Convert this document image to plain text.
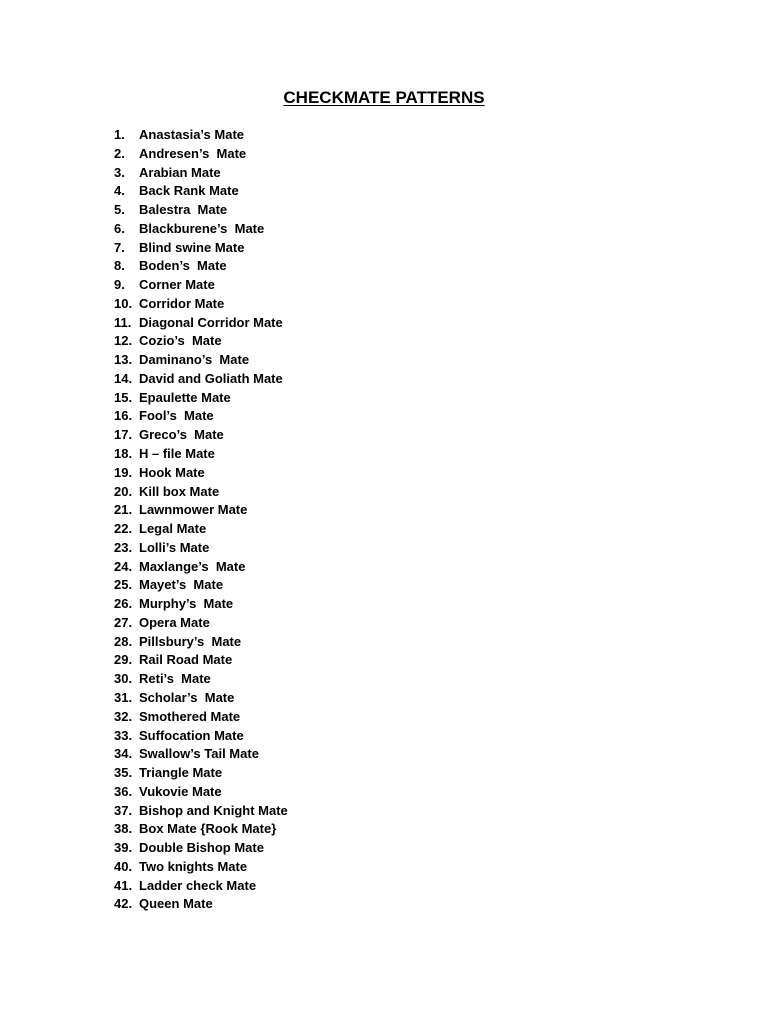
CHECKMATE PATTERNS
1.	Anastasia’s Mate
2.	Andresen’s  Mate
3.	Arabian Mate
4.	Back Rank Mate
5.	Balestra  Mate
6.	Blackburene’s  Mate
7.	Blind swine Mate
8.	Boden’s  Mate
9.	Corner Mate
10. Corridor Mate
11. Diagonal Corridor Mate
12. Cozio’s  Mate
13. Daminano’s  Mate
14. David and Goliath Mate
15. Epaulette Mate
16. Fool’s  Mate
17. Greco’s  Mate
18. H – file Mate
19. Hook Mate
20. Kill box Mate
21. Lawnmower Mate
22. Legal Mate
23. Lolli’s Mate
24. Maxlange’s  Mate
25. Mayet’s  Mate
26. Murphy’s  Mate
27. Opera Mate
28. Pillsbury’s  Mate
29. Rail Road Mate
30. Reti’s  Mate
31. Scholar’s  Mate
32. Smothered Mate
33. Suffocation Mate
34. Swallow’s Tail Mate
35. Triangle Mate
36. Vukovie Mate
37. Bishop and Knight Mate
38. Box Mate {Rook Mate}
39. Double Bishop Mate
40. Two knights Mate
41. Ladder check Mate
42. Queen Mate
